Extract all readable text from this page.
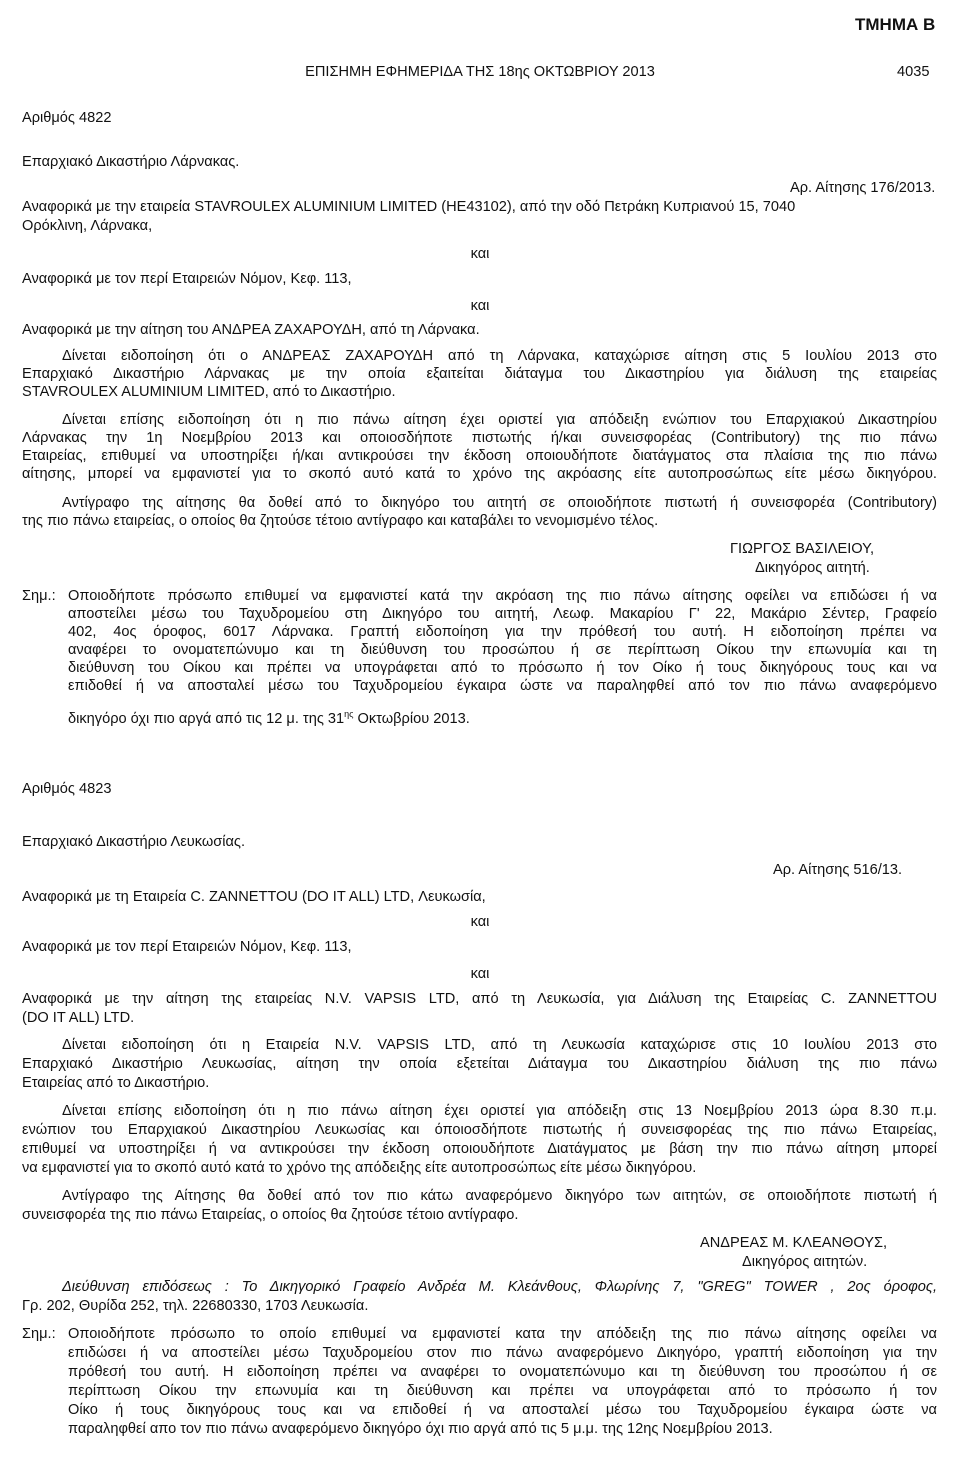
ΤΜΗΜΑ Β
ΕΠΙΣΗΜΗ ΕΦΗΜΕΡΙΔΑ ΤΗΣ 18ης ΟΚΤΩΒΡΙΟΥ 2013	4035
Αριθμός 4822
Επαρχιακό Δικαστήριο Λάρνακας.
Αρ. Αίτησης 176/2013.
Αναφορικά με την εταιρεία STAVROULEX ALUMINIUM LIMITED (ΗΕ43102), από την οδό Πετράκη Κυπριανού 15, 7040
Ορόκλινη, Λάρνακα,
και
Αναφορικά με τον περί Εταιρειών Νόμον, Κεφ. 113,
και
Αναφορικά με την αίτηση του ΑΝΔΡΕΑ ΖΑΧΑΡΟΥΔΗ, από τη Λάρνακα.
Δίνεται ειδοποίηση ότι ο ΑΝΔΡΕΑΣ ΖΑΧΑΡΟΥΔΗ από τη Λάρνακα, καταχώρισε αίτηση στις 5 Ιουλίου 2013 στο
Επαρχιακό Δικαστήριο Λάρνακας με την οποία εξαιτείται διάταγμα του Δικαστηρίου για διάλυση της εταιρείας
STAVROULEX ALUMINIUM LIMITED, από το Δικαστήριο.
Δίνεται επίσης ειδοποίηση ότι η πιο πάνω αίτηση έχει οριστεί για απόδειξη ενώπιον του Επαρχιακού Δικαστηρίου
Λάρνακας την 1η Νοεμβρίου 2013 και οποιοσδήποτε πιστωτής ή/και συνεισφορέας (Contributory) της πιο πάνω
Εταιρείας, επιθυμεί να υποστηρίξει ή/και αντικρούσει την έκδοση οποιουδήποτε διατάγματος στα πλαίσια της πιο πάνω
αίτησης, μπορεί να εμφανιστεί για το σκοπό αυτό κατά το χρόνο της ακρόασης είτε αυτοπροσώπως είτε μέσω δικηγόρου.
Αντίγραφο της αίτησης θα δοθεί από το δικηγόρο του αιτητή σε οποιοδήποτε πιστωτή ή συνεισφορέα (Contributory)
της πιο πάνω εταιρείας, ο οποίος θα ζητούσε τέτοιο αντίγραφο και καταβάλει το νενομισμένο τέλος.
ΓΙΩΡΓΟΣ ΒΑΣΙΛΕΙΟΥ,
Δικηγόρος αιτητή.
Σημ.: Οποιοδήποτε πρόσωπο επιθυμεί να εμφανιστεί κατά την ακρόαση της πιο πάνω αίτησης οφείλει να επιδώσει ή να
αποστείλει μέσω του Ταχυδρομείου στη Δικηγόρο του αιτητή, Λεωφ. Μακαρίου Γ' 22, Μακάριο Σέντερ, Γραφείο
402, 4ος όροφος, 6017 Λάρνακα. Γραπτή ειδοποίηση για την πρόθεσή του αυτή. Η ειδοποίηση πρέπει να
αναφέρει το ονοματεπώνυμο και τη διεύθυνση του προσώπου ή σε περίπτωση Οίκου την επωνυμία και τη
διεύθυνση του Οίκου και πρέπει να υπογράφεται από το πρόσωπο ή τον Οίκο ή τους δικηγόρους τους και να
επιδοθεί ή να αποσταλεί μέσω του Ταχυδρομείου έγκαιρα ώστε να παραληφθεί από τον πιο πάνω αναφερόμενο
δικηγόρο όχι πιο αργά από τις 12 μ. της $31^{\eta\varsigma}$ Οκτωβρίου 2013.
Αριθμός 4823
Επαρχιακό Δικαστήριο Λευκωσίας.
Αρ. Αίτησης 516/13.
Αναφορικά με τη Εταιρεία C. ZANNETTOU (DO IT ALL) LTD, Λευκωσία,
και
Αναφορικά με τον περί Εταιρειών Νόμον, Κεφ. 113,
και
Αναφορικά με την αίτηση της εταιρείας N.V. VAPSIS LTD, από τη Λευκωσία, για Διάλυση της Εταιρείας C. ZANNETTOU
(DO IT ALL) LTD.
Δίνεται ειδοποίηση ότι η Εταιρεία N.V. VAPSIS LTD, από τη Λευκωσία καταχώρισε στις 10 Ιουλίου 2013 στο
Επαρχιακό Δικαστήριο Λευκωσίας, αίτηση την οποία εξετείται Διάταγμα του Δικαστηρίου διάλυση της πιο πάνω
Εταιρείας από το Δικαστήριο.
Δίνεται επίσης ειδοποίηση ότι η πιο πάνω αίτηση έχει οριστεί για απόδειξη στις 13 Νοεμβρίου 2013 ώρα 8.30 π.μ.
ενώπιον του Επαρχιακού Δικαστηρίου Λευκωσίας και όποιοσδήποτε πιστωτής ή συνεισφορέας της πιο πάνω Εταιρείας,
επιθυμεί να υποστηρίξει ή να αντικρούσει την έκδοση οποιουδήποτε Διατάγματος με βάση την πιο πάνω αίτηση μπορεί
να εμφανιστεί για το σκοπό αυτό κατά το χρόνο της απόδειξης είτε αυτοπροσώπως είτε μέσω δικηγόρου.
Αντίγραφο της Αίτησης θα δοθεί από τον πιο κάτω αναφερόμενο δικηγόρο των αιτητών, σε οποιοδήποτε πιστωτή ή
συνεισφορέα της πιο πάνω Εταιρείας, ο οποίος θα ζητούσε τέτοιο αντίγραφο.
ΑΝΔΡΕΑΣ Μ. ΚΛΕΑΝΘΟΥΣ,
Δικηγόρος αιτητών.
Διεύθυνση επιδόσεως : Το Δικηγορικό Γραφείο Ανδρέα Μ. Κλεάνθους, Φλωρίνης 7, "GREG" TOWER , 2ος όροφος,
Γρ. 202, Θυρίδα 252, τηλ. 22680330, 1703 Λευκωσία.
Σημ.: Οποιοδήποτε πρόσωπο το οποίο επιθυμεί να εμφανιστεί κατα την απόδειξη της πιο πάνω αίτησης οφείλει να
επιδώσει ή να αποστείλει μέσω Ταχυδρομείου στον πιο πάνω αναφερόμενο Δικηγόρο, γραπτή ειδοποίηση για την
πρόθεσή του αυτή. Η ειδοποίηση πρέπει να αναφέρει το ονοματεπώνυμο και τη διεύθυνση του προσώπου ή σε
περίπτωση Οίκου την επωνυμία και τη διεύθυνση και πρέπει να υπογράφεται από το πρόσωπο ή τον
Οίκο ή τους δικηγόρους τους και να επιδοθεί ή να αποσταλεί μέσω του Ταχυδρομείου έγκαιρα ώστε να
παραληφθεί απο τον πιο πάνω αναφερόμενο δικηγόρο όχι πιο αργά από τις 5 μ.μ. της 12ης Νοεμβρίου 2013.
